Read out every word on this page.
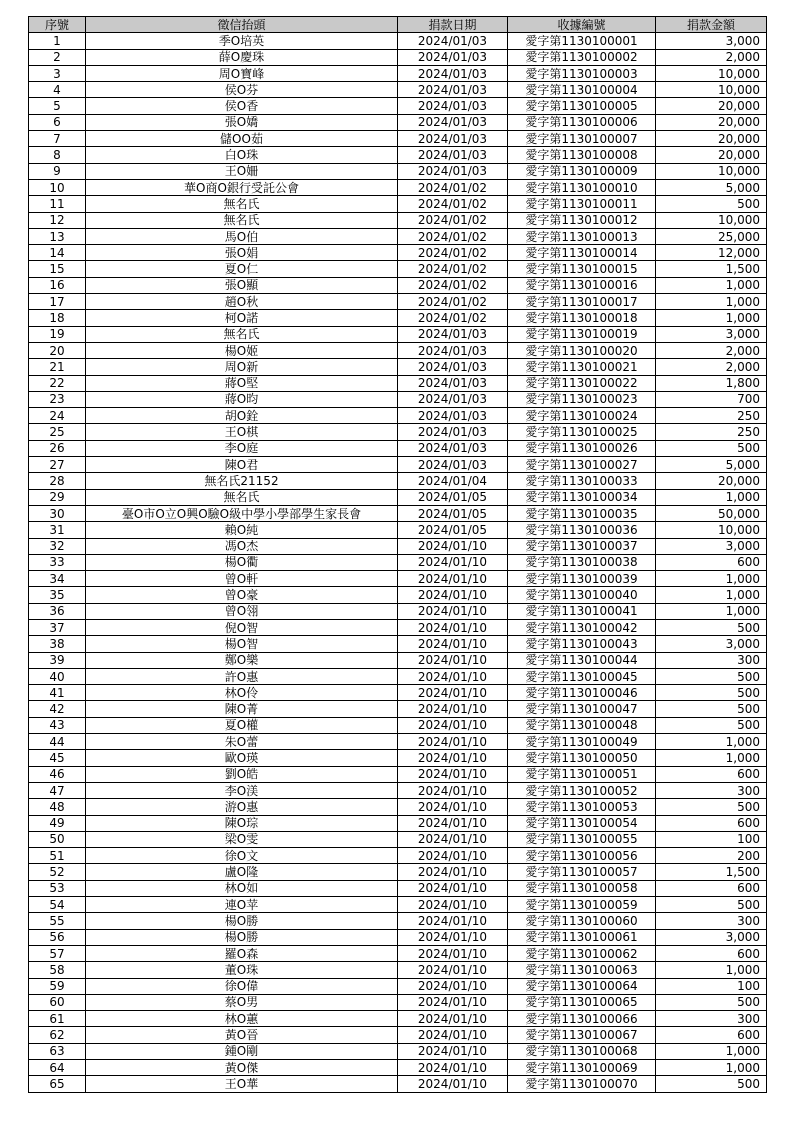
序號	徵信抬頭	捐款日期	收據編號	捐款金額
1	季O培英	2024/01/03	愛字第1130100001	3,000
2	薛O慶珠	2024/01/03	愛字第1130100002	2,000
3	周O寶峰	2024/01/03	愛字第1130100003	10,000
4	侯O芬	2024/01/03	愛字第1130100004	10,000
5	侯O香	2024/01/03	愛字第1130100005	20,000
6	張O嬌	2024/01/03	愛字第1130100006	20,000
7	儲OO茹	2024/01/03	愛字第1130100007	20,000
8	白O珠	2024/01/03	愛字第1130100008	20,000
9	王O姍	2024/01/03	愛字第1130100009	10,000
10	華O商O銀行受託公會	2024/01/02	愛字第1130100010	5,000
11	無名氏	2024/01/02	愛字第1130100011	500
12	無名氏	2024/01/02	愛字第1130100012	10,000
13	馬O伯	2024/01/02	愛字第1130100013	25,000
14	張O娟	2024/01/02	愛字第1130100014	12,000
15	夏O仁	2024/01/02	愛字第1130100015	1,500
16	張O顯	2024/01/02	愛字第1130100016	1,000
17	趙O秋	2024/01/02	愛字第1130100017	1,000
18	柯O諾	2024/01/02	愛字第1130100018	1,000
19	無名氏	2024/01/03	愛字第1130100019	3,000
20	楊O姬	2024/01/03	愛字第1130100020	2,000
21	周O新	2024/01/03	愛字第1130100021	2,000
22	蔣O堅	2024/01/03	愛字第1130100022	1,800
23	蔣O昀	2024/01/03	愛字第1130100023	700
24	胡O銓	2024/01/03	愛字第1130100024	250
25	王O棋	2024/01/03	愛字第1130100025	250
26	李O庭	2024/01/03	愛字第1130100026	500
27	陳O君	2024/01/03	愛字第1130100027	5,000
28	無名氏21152	2024/01/04	愛字第1130100033	20,000
29	無名氏	2024/01/05	愛字第1130100034	1,000
30	臺O市O立O興O驗O級中學小學部學生家長會	2024/01/05	愛字第1130100035	50,000
31	賴O純	2024/01/05	愛字第1130100036	10,000
32	馮O杰	2024/01/10	愛字第1130100037	3,000
33	楊O衢	2024/01/10	愛字第1130100038	600
34	曾O軒	2024/01/10	愛字第1130100039	1,000
35	曾O豪	2024/01/10	愛字第1130100040	1,000
36	曾O翎	2024/01/10	愛字第1130100041	1,000
37	倪O智	2024/01/10	愛字第1130100042	500
38	楊O智	2024/01/10	愛字第1130100043	3,000
39	鄭O樂	2024/01/10	愛字第1130100044	300
40	許O惠	2024/01/10	愛字第1130100045	500
41	林O伶	2024/01/10	愛字第1130100046	500
42	陳O菁	2024/01/10	愛字第1130100047	500
43	夏O權	2024/01/10	愛字第1130100048	500
44	朱O蕾	2024/01/10	愛字第1130100049	1,000
45	歐O瑛	2024/01/10	愛字第1130100050	1,000
46	劉O皓	2024/01/10	愛字第1130100051	600
47	李O渼	2024/01/10	愛字第1130100052	300
48	游O惠	2024/01/10	愛字第1130100053	500
49	陳O琮	2024/01/10	愛字第1130100054	600
50	梁O雯	2024/01/10	愛字第1130100055	100
51	徐O文	2024/01/10	愛字第1130100056	200
52	盧O隆	2024/01/10	愛字第1130100057	1,500
53	林O如	2024/01/10	愛字第1130100058	600
54	連O苹	2024/01/10	愛字第1130100059	500
55	楊O勝	2024/01/10	愛字第1130100060	300
56	楊O勝	2024/01/10	愛字第1130100061	3,000
57	羅O森	2024/01/10	愛字第1130100062	600
58	董O珠	2024/01/10	愛字第1130100063	1,000
59	徐O偉	2024/01/10	愛字第1130100064	100
60	蔡O男	2024/01/10	愛字第1130100065	500
61	林O蕙	2024/01/10	愛字第1130100066	300
62	黃O晉	2024/01/10	愛字第1130100067	600
63	鍾O剛	2024/01/10	愛字第1130100068	1,000
64	黃O傑	2024/01/10	愛字第1130100069	1,000
65	王O華	2024/01/10	愛字第1130100070	500
